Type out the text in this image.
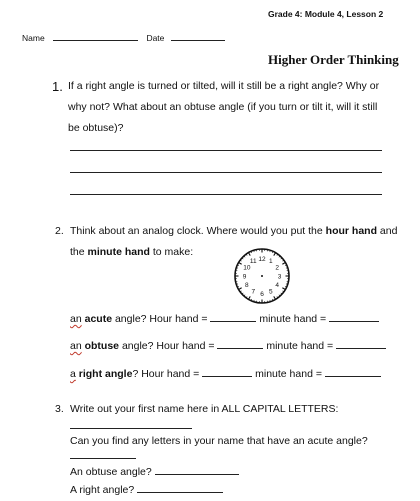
Grade 4: Module 4, Lesson 2
Name	Date
Higher Order Thinking
1. If a right angle is turned or tilted, will it still be a right angle? Why or
why not? What about an obtuse angle (if you turn or tilt it, will it still
be obtuse)?
2. Think about an analog clock. Where would you put the hour hand and
the minute hand to make:
12 1
2
3
4
5
6
7
8
9
10
11
an acute angle? Hour hand =	minute hand =
an obtuse angle? Hour hand =	minute hand =
a right angle? Hour hand =	minute hand =
3. Write out your first name here in ALL CAPITAL LETTERS:
Can you find any letters in your name that have an acute angle?
An obtuse angle?
A right angle?
